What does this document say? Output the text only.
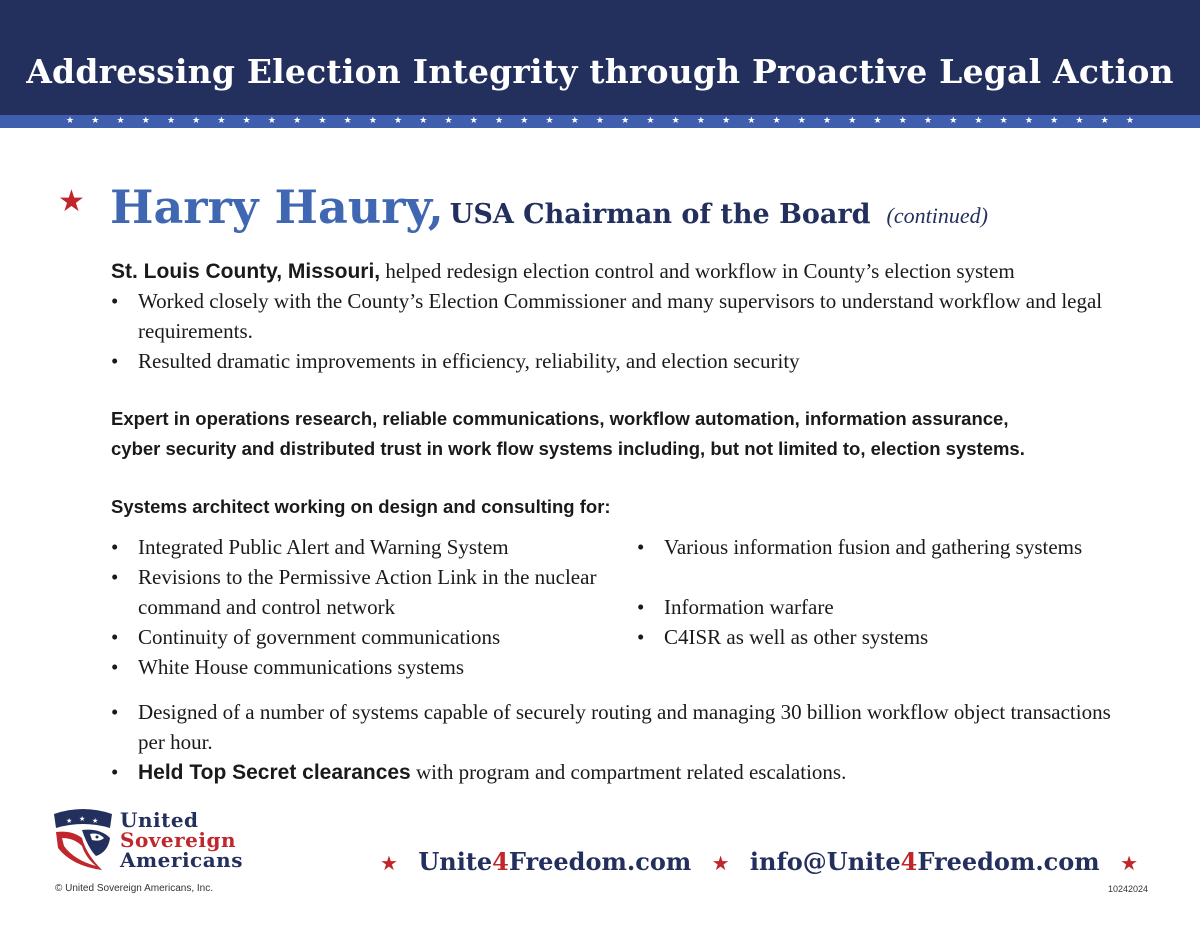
Addressing Election Integrity through Proactive Legal Action
★ ★ ★ ★ ★ ★ ★ ★ ★ ★ ★ ★ ★ ★ ★ ★ ★ ★ ★ ★ ★ ★ ★ ★ ★ ★ ★ ★ ★ ★ ★ ★ ★ ★ ★ ★ ★ ★ ★ ★ ★ ★ ★
★ Harry Haury, USA Chairman of the Board (continued)
St. Louis County, Missouri, helped redesign election control and workflow in County’s election system
• Worked closely with the County’s Election Commissioner and many supervisors to understand workflow and legal requirements.
• Resulted dramatic improvements in efficiency, reliability, and election security
Expert in operations research, reliable communications, workflow automation, information assurance,
cyber security and distributed trust in work flow systems including, but not limited to, election systems.
Systems architect working on design and consulting for:
• Integrated Public Alert and Warning System
• Revisions to the Permissive Action Link in the nuclear command and control network
• Continuity of government communications
• White House communications systems
• Various information fusion and gathering systems
• Information warfare
• C4ISR as well as other systems
• Designed of a number of systems capable of securely routing and managing 30 billion workflow object transactions per hour.
• Held Top Secret clearances with program and compartment related escalations.
★ ★ ★ United
Sovereign
Americans
© United Sovereign Americans, Inc.
★ Unite4Freedom.com ★ info@Unite4Freedom.com ★
10242024
